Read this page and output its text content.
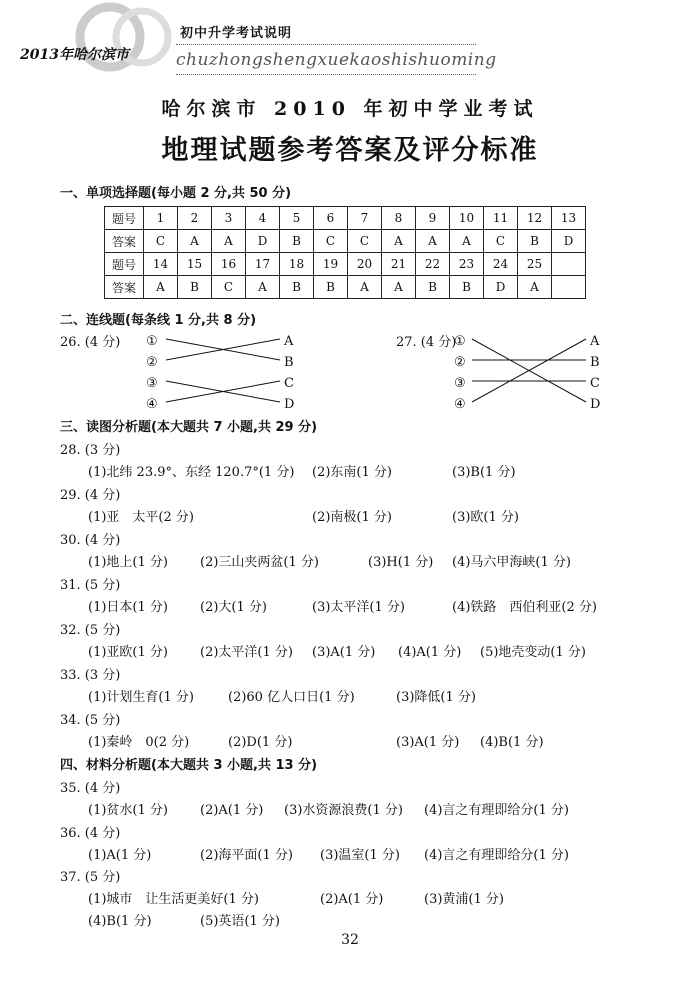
2013年哈尔滨市
初中升学考试说明
chuzhongshengxuekaoshishuoming
哈尔滨市 2010 年初中学业考试
地理试题参考答案及评分标准
一、单项选择题(每小题 2 分,共 50 分)
题号	1	2	3	4	5	6	7	8	9	10	11	12	13
答案	C	A	A	D	B	C	C	A	A	A	C	B	D
题号	14	15	16	17	18	19	20	21	22	23	24	25	
答案	A	B	C	A	B	B	A	A	B	B	D	A	
二、连线题(每条线 1 分,共 8 分)
26. (4 分) ①
②
③
④
A
B
C
D
27. (4 分)
①
②
③
④
A
B
C
D
三、读图分析题(本大题共 7 小题,共 29 分)
28. (3 分)
(1)北纬 23.9°、东经 120.7°(1 分) (2)东南(1 分)	(3)B(1 分)
29. (4 分)
(1)亚　太平(2 分)	(2)南极(1 分)	(3)欧(1 分)
30. (4 分)
(1)地上(1 分) (2)三山夹两盆(1 分)	(3)H(1 分) (4)马六甲海峡(1 分)
31. (5 分)
(1)日本(1 分) (2)大(1 分)	(3)太平洋(1 分)	(4)铁路　西伯利亚(2 分)
32. (5 分)
(1)亚欧(1 分) (2)太平洋(1 分) (3)A(1 分) (4)A(1 分) (5)地壳变动(1 分)
33. (3 分)
(1)计划生育(1 分)	(2)60 亿人口日(1 分)	(3)降低(1 分)
34. (5 分)
(1)秦岭　0(2 分)	(2)D(1 分)	(3)A(1 分) (4)B(1 分)
四、材料分析题(本大题共 3 小题,共 13 分)
35. (4 分)
(1)贫水(1 分) (2)A(1 分) (3)水资源浪费(1 分) (4)言之有理即给分(1 分)
36. (4 分)
(1)A(1 分)	(2)海平面(1 分) (3)温室(1 分) (4)言之有理即给分(1 分)
37. (5 分)
(1)城市　让生活更美好(1 分)	(2)A(1 分)	(3)黄浦(1 分)
(4)B(1 分)	(5)英语(1 分)
32
